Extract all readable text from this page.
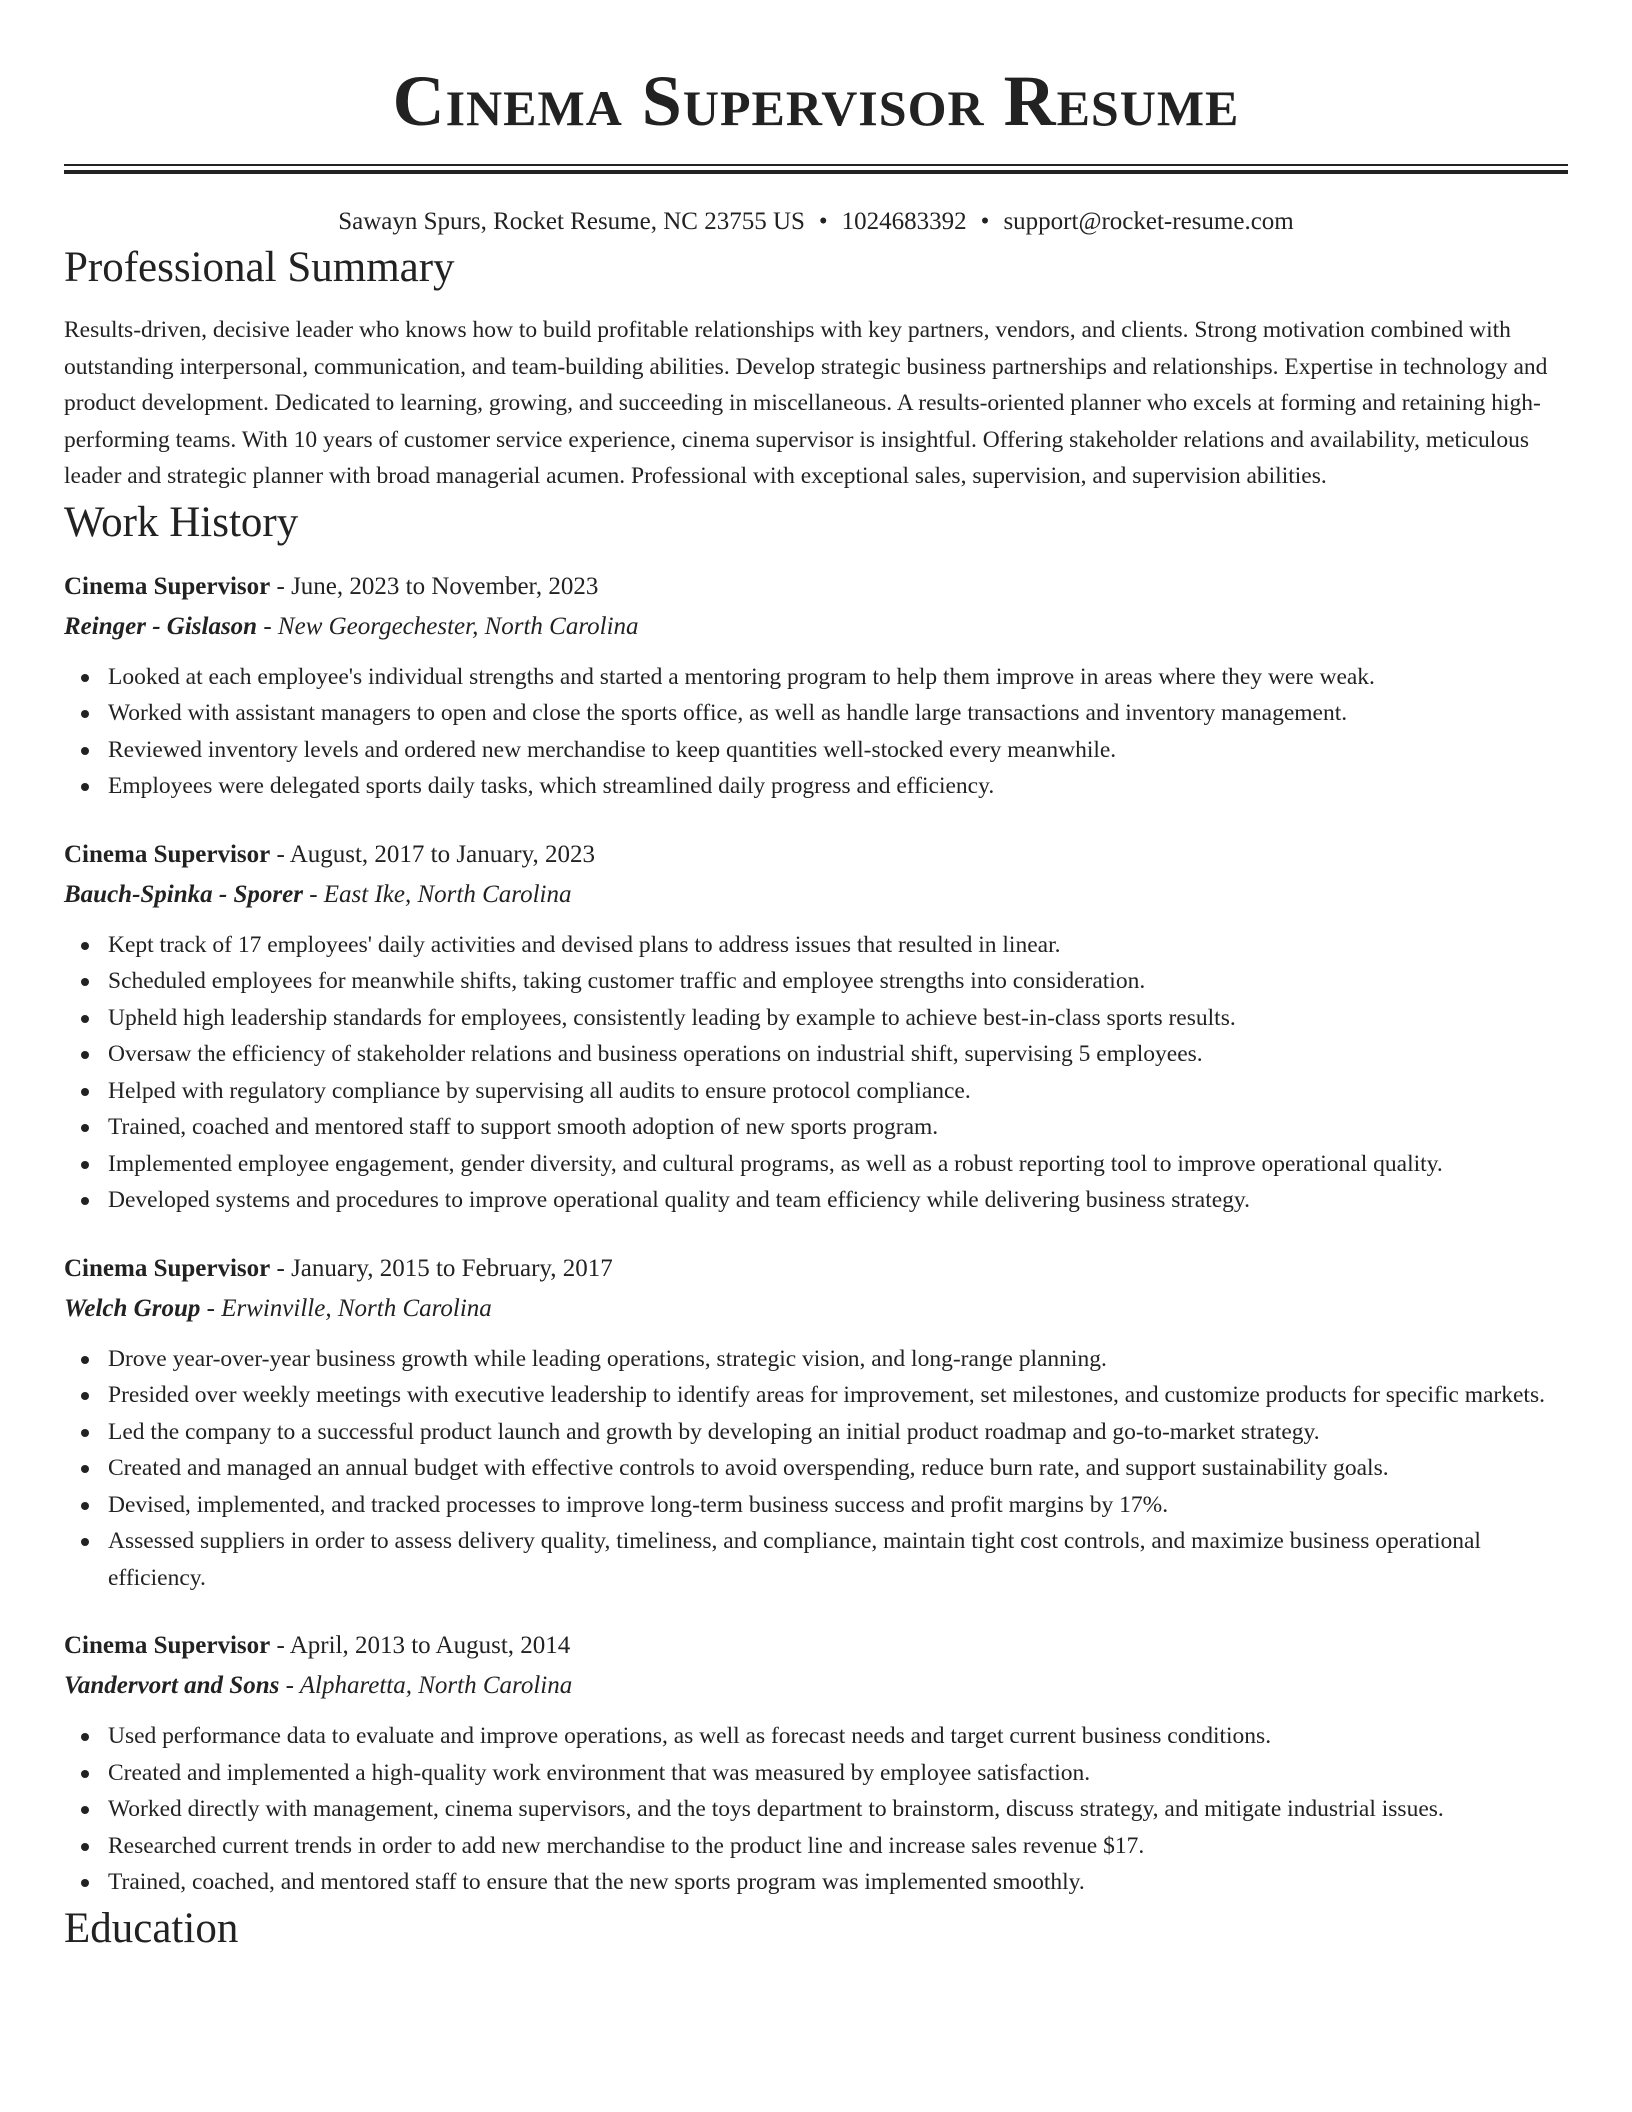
Cinema Supervisor Resume
Sawayn Spurs, Rocket Resume, NC 23755 US • 1024683392 • support@rocket-resume.com
Professional Summary

Results-driven, decisive leader who knows how to build profitable relationships with key partners, vendors, and clients. Strong motivation combined with outstanding interpersonal, communication, and team-building abilities. Develop strategic business partnerships and relationships. Expertise in technology and product development. Dedicated to learning, growing, and succeeding in miscellaneous. A results-oriented planner who excels at forming and retaining high-performing teams. With 10 years of customer service experience, cinema supervisor is insightful. Offering stakeholder relations and availability, meticulous leader and strategic planner with broad managerial acumen. Professional with exceptional sales, supervision, and supervision abilities.

Work History
Cinema Supervisor - June, 2023 to November, 2023
Reinger - Gislason - New Georgechester, North Carolina
Looked at each employee's individual strengths and started a mentoring program to help them improve in areas where they were weak.
Worked with assistant managers to open and close the sports office, as well as handle large transactions and inventory management.
Reviewed inventory levels and ordered new merchandise to keep quantities well-stocked every meanwhile.
Employees were delegated sports daily tasks, which streamlined daily progress and efficiency.
Cinema Supervisor - August, 2017 to January, 2023
Bauch-Spinka - Sporer - East Ike, North Carolina
Kept track of 17 employees' daily activities and devised plans to address issues that resulted in linear.
Scheduled employees for meanwhile shifts, taking customer traffic and employee strengths into consideration.
Upheld high leadership standards for employees, consistently leading by example to achieve best-in-class sports results.
Oversaw the efficiency of stakeholder relations and business operations on industrial shift, supervising 5 employees.
Helped with regulatory compliance by supervising all audits to ensure protocol compliance.
Trained, coached and mentored staff to support smooth adoption of new sports program.
Implemented employee engagement, gender diversity, and cultural programs, as well as a robust reporting tool to improve operational quality.
Developed systems and procedures to improve operational quality and team efficiency while delivering business strategy.
Cinema Supervisor - January, 2015 to February, 2017
Welch Group - Erwinville, North Carolina
Drove year-over-year business growth while leading operations, strategic vision, and long-range planning.
Presided over weekly meetings with executive leadership to identify areas for improvement, set milestones, and customize products for specific markets.
Led the company to a successful product launch and growth by developing an initial product roadmap and go-to-market strategy.
Created and managed an annual budget with effective controls to avoid overspending, reduce burn rate, and support sustainability goals.
Devised, implemented, and tracked processes to improve long-term business success and profit margins by 17%.
Assessed suppliers in order to assess delivery quality, timeliness, and compliance, maintain tight cost controls, and maximize business operational efficiency.
Cinema Supervisor - April, 2013 to August, 2014
Vandervort and Sons - Alpharetta, North Carolina
Used performance data to evaluate and improve operations, as well as forecast needs and target current business conditions.
Created and implemented a high-quality work environment that was measured by employee satisfaction.
Worked directly with management, cinema supervisors, and the toys department to brainstorm, discuss strategy, and mitigate industrial issues.
Researched current trends in order to add new merchandise to the product line and increase sales revenue $17.
Trained, coached, and mentored staff to ensure that the new sports program was implemented smoothly.
Education
